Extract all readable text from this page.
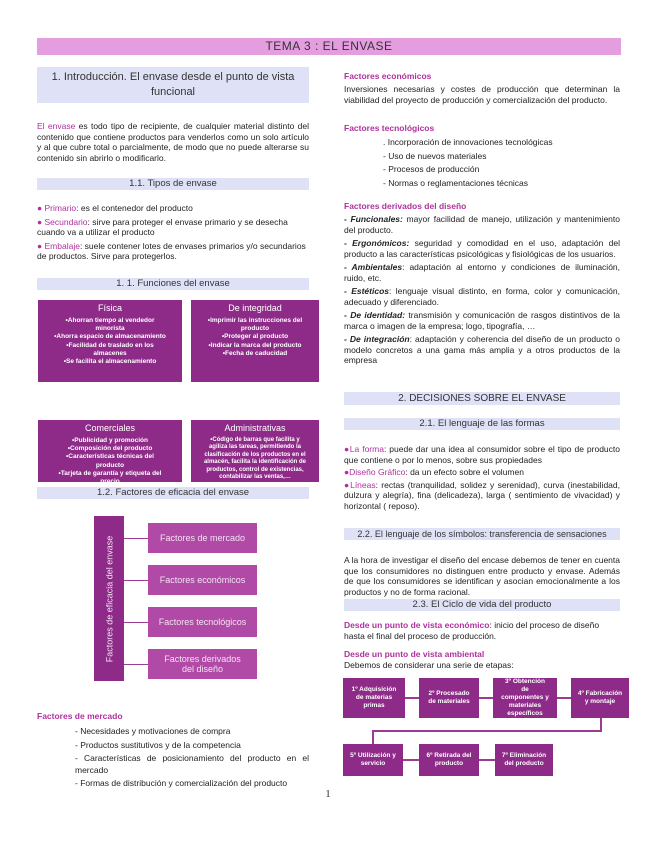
TEMA 3 : EL ENVASE
1. Introducción. El envase desde el punto de vista funcional
El envase es todo tipo de recipiente, de cualquier material distinto del contenido que contiene productos para venderlos como un solo artículo y al que cubre total o parcialmente, de modo que no puede alterarse su contenido sin abrirlo o modificarlo.
1.1. Tipos de envase
● Primario: es el contenedor del producto
● Secundario: sirve para proteger el envase primario y se desecha cuando va a utilizar el producto
● Embalaje: suele contener lotes de envases primarios y/o secundarios de productos. Sirve para protegerlos.
1. 1. Funciones del envase
Física
•Ahorran tiempo al vendedor
minorista
•Ahorra espacio de almacenamiento
•Facilidad de traslado en los
almacenes
•Se facilita el almacenamiento
De integridad
•Imprimir las instrucciones del
producto
•Proteger al producto
•Indicar la marca del producto
•Fecha de caducidad
Comerciales
•Publicidad y promoción
•Composición del producto
•Características técnicas del
producto
•Tarjeta de garantía y etiqueta del
precio
Administrativas
•Código de barras que facilita y
agiliza las tareas, permitiendo la
clasificación de los productos en el
almacén, facilita la identificación de
productos, control de existencias,
contabilizar las ventas,…
1.2. Factores de eficacia del envase
Factores de eficacia del envase	Factores de mercado
Factores económicos
Factores tecnológicos
Factores derivados del diseño
Factores de mercado
- Necesidades y motivaciones de compra
- Productos sustitutivos y de la competencia
- Características de posicionamiento del producto en el mercado
- Formas de distribución y comercialización del producto
Factores económicos
Inversiones necesarias y costes de producción que determinan la viabilidad del proyecto de producción y comercialización del producto.
Factores tecnológicos
. Incorporación de innovaciones tecnológicas
- Uso de nuevos materiales
- Procesos de producción
- Normas o reglamentaciones técnicas
Factores derivados del diseño
- Funcionales: mayor facilidad de manejo, utilización y mantenimiento del producto.
- Ergonómicos: seguridad y comodidad en el uso, adaptación del producto a las características psicológicas y fisiológicas de los usuarios.
- Ambientales: adaptación al entorno y condiciones de iluminación, ruido, etc.
- Estéticos: lenguaje visual distinto, en forma, color y comunicación, adecuado y diferenciado.
- De identidad: transmisión y comunicación de rasgos distintivos de la marca o imagen de la empresa; logo, tipografía, …
- De integración: adaptación y coherencia del diseño de un producto o modelo concretos a una gama más amplia y a otros productos de la empresa
2. DECISIONES SOBRE EL ENVASE
2.1. El lenguaje de las formas
●La forma: puede dar una idea al consumidor sobre el tipo de producto que contiene o por lo menos, sobre sus propiedades
●Diseño Gráfico: da un efecto sobre el volumen
●Líneas: rectas (tranquilidad, solidez y serenidad), curva (inestabilidad, dulzura y alegría), fina (delicadeza), larga ( sentimiento de vivacidad) y horizontal ( reposo).
2.2. El lenguaje de los símbolos: transferencia de sensaciones
A la hora de investigar el diseño del encase debemos de tener en cuenta que los consumidores no distinguen entre producto y envase. Además de que los consumidores se identifican y asocian emocionalmente a los productos y no de forma racional.
2.3. El Ciclo de vida del producto
Desde un punto de vista económico: inicio del proceso de diseño hasta el final del proceso de producción.
Desde un punto de vista ambiental
Debemos de considerar una serie de etapas:
1º Adquisición
de materias
primas
2º Procesado
de materiales
3º Obtención
de
componentes y
materiales
específicos
4º Fabricación
y montaje
5º Utilización y
servicio
6º Retirada del
producto
7º Eliminación
del producto
1
